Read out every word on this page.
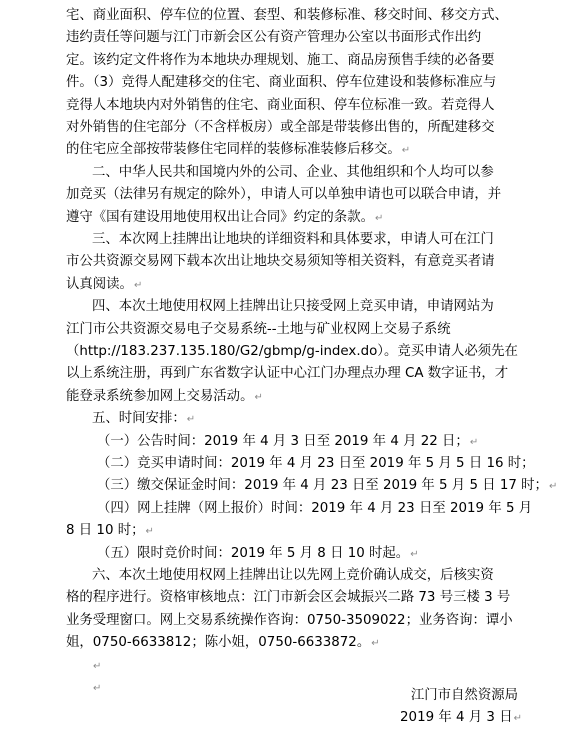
宅、商业面积、停车位的位置、套型、和装修标准、移交时间、移交方式、
违约责任等问题与江门市新会区公有资产管理办公室以书面形式作出约
定。该约定文件将作为本地块办理规划、施工、商品房预售手续的必备要
件。（3）竞得人配建移交的住宅、商业面积、停车位建设和装修标准应与
竞得人本地块内对外销售的住宅、商业面积、停车位标准一致。若竞得人
对外销售的住宅部分（不含样板房）或全部是带装修出售的，所配建移交
的住宅应全部按带装修住宅同样的装修标准装修后移交。↵
二、中华人民共和国境内外的公司、企业、其他组织和个人均可以参
加竞买（法律另有规定的除外），申请人可以单独申请也可以联合申请，并
遵守《国有建设用地使用权出让合同》约定的条款。↵
三、本次网上挂牌出让地块的详细资料和具体要求，申请人可在江门
市公共资源交易网下载本次出让地块交易须知等相关资料，有意竞买者请
认真阅读。↵
四、本次土地使用权网上挂牌出让只接受网上竞买申请，申请网站为
江门市公共资源交易电子交易系统--土地与矿业权网上交易子系统
（http://183.237.135.180/G2/gbmp/g-index.do）。竞买申请人必须先在
以上系统注册，再到广东省数字认证中心江门办理点办理 CA 数字证书，才
能登录系统参加网上交易活动。↵
五、时间安排：↵
（一）公告时间：2019 年 4 月 3 日至 2019 年 4 月 22 日；↵
（二）竞买申请时间：2019 年 4 月 23 日至 2019 年 5 月 5 日 16 时；
（三）缴交保证金时间：2019 年 4 月 23 日至 2019 年 5 月 5 日 17 时；↵
（四）网上挂牌（网上报价）时间：2019 年 4 月 23 日至 2019 年 5 月
8 日 10 时；↵
（五）限时竞价时间：2019 年 5 月 8 日 10 时起。↵
六、本次土地使用权网上挂牌出让以先网上竞价确认成交，后核实资
格的程序进行。资格审核地点：江门市新会区会城振兴二路 73 号三楼 3 号
业务受理窗口。网上交易系统操作咨询：0750-3509022；业务咨询：谭小
姐，0750-6633812；陈小姐，0750-6633872。↵
↵
↵	江门市自然资源局
2019 年 4 月 3 日↵
